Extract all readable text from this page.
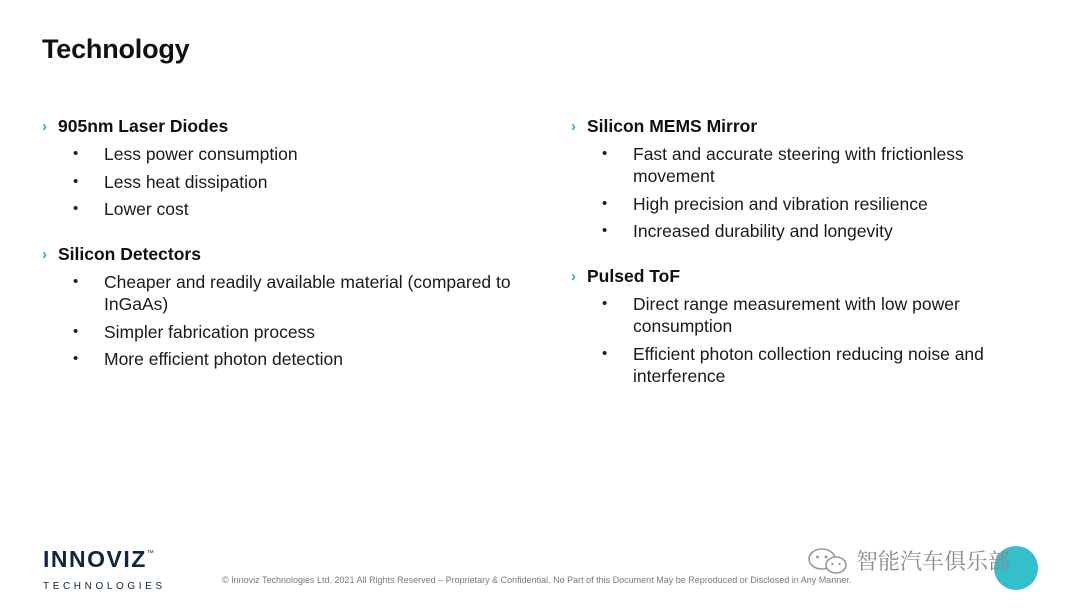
Technology
› 905nm Laser Diodes
•	Less power consumption
•	Less heat dissipation
•	Lower cost
› Silicon Detectors
•	Cheaper and readily available material (compared to InGaAs)
•	Simpler fabrication process
•	More efficient photon detection
› Silicon MEMS Mirror
•	Fast and accurate steering with frictionless movement
•	High precision and vibration resilience
•	Increased durability and longevity
› Pulsed ToF
•	Direct range measurement with low power consumption
•	Efficient photon collection reducing noise and interference
INNOVIZ™
TECHNOLOGIES
© Innoviz Technologies Ltd. 2021 All Rights Reserved – Proprietary & Confidential. No Part of this Document May be Reproduced or Disclosed in Any Manner.
智能汽车俱乐部
